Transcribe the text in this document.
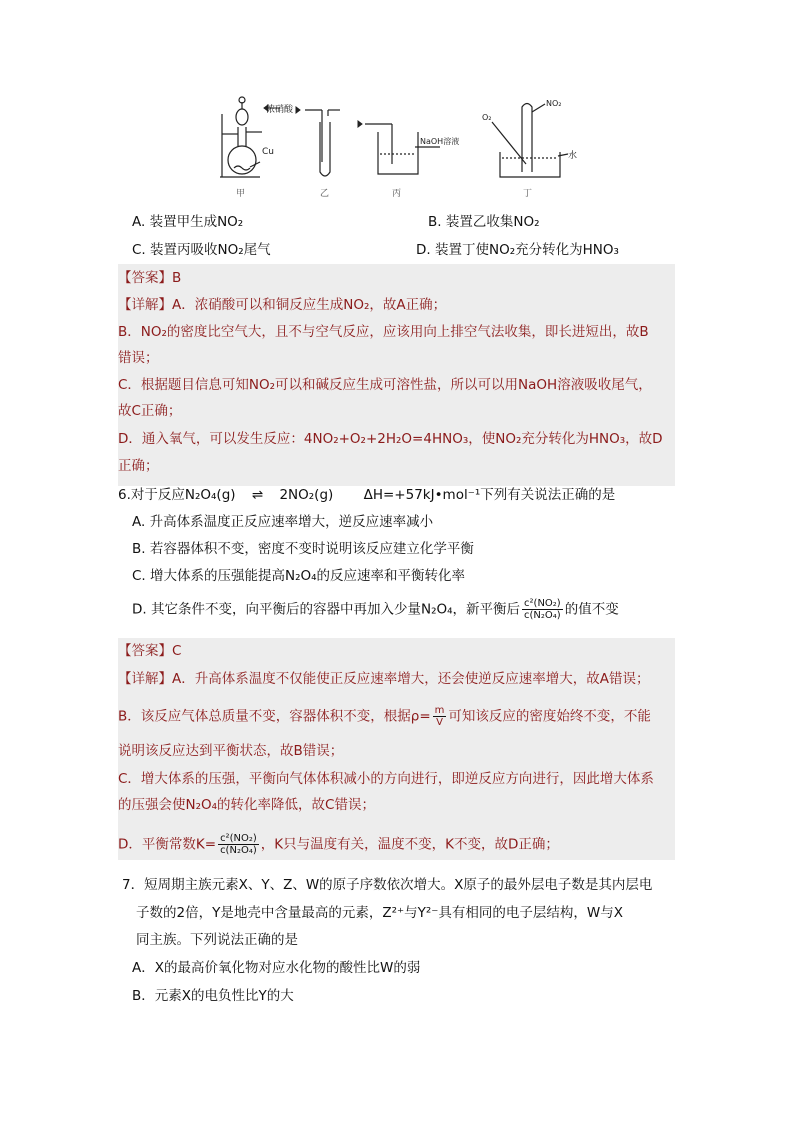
浓硝酸
Cu
NaOH溶液
O₂
NO₂
水
甲	乙	丙	丁
A. 装置甲生成NO₂	B. 装置乙收集NO₂
C. 装置丙吸收NO₂尾气	D. 装置丁使NO₂充分转化为HNO₃
【答案】B
【详解】A．浓硝酸可以和铜反应生成NO₂，故A正确；
B．NO₂的密度比空气大，且不与空气反应，应该用向上排空气法收集，即长进短出，故B
错误；
C．根据题目信息可知NO₂可以和碱反应生成可溶性盐，所以可以用NaOH溶液吸收尾气，
故C正确；
D．通入氧气，可以发生反应：4NO₂+O₂+2H₂O=4HNO₃，使NO₂充分转化为HNO₃，故D
正确；
6.对于反应N₂O₄(g) ⇌ 2NO₂(g) ΔH=+57kJ•mol⁻¹下列有关说法正确的是
A. 升高体系温度正反应速率增大，逆反应速率减小
B. 若容器体积不变，密度不变时说明该反应建立化学平衡
C. 增大体系的压强能提高N₂O₄的反应速率和平衡转化率
D. 其它条件不变，向平衡后的容器中再加入少量N₂O₄，新平衡后 $\frac{\text{c²(NO₂)}}{\text{c(N₂O₄)}}$ 的值不变
【答案】C
【详解】A．升高体系温度不仅能使正反应速率增大，还会使逆反应速率增大，故A错误；
B．该反应气体总质量不变，容器体积不变，根据$\rho= \frac{m}{V}$ 可知该反应的密度始终不变，不能
说明该反应达到平衡状态，故B错误；
C．增大体系的压强，平衡向气体体积减小的方向进行，即逆反应方向进行，因此增大体系
的压强会使N₂O₄的转化率降低，故C错误；
D．平衡常数$K= \frac{\text{c²(NO₂)}}{\text{c(N₂O₄)}}$ ，K只与温度有关，温度不变，K不变，故D正确；
7．短周期主族元素X、Y、Z、W的原子序数依次增大。X原子的最外层电子数是其内层电
子数的2倍，Y是地壳中含量最高的元素，Z²⁺与Y²⁻具有相同的电子层结构，W与X
同主族。下列说法正确的是
A．X的最高价氧化物对应水化物的酸性比W的弱
B．元素X的电负性比Y的大
